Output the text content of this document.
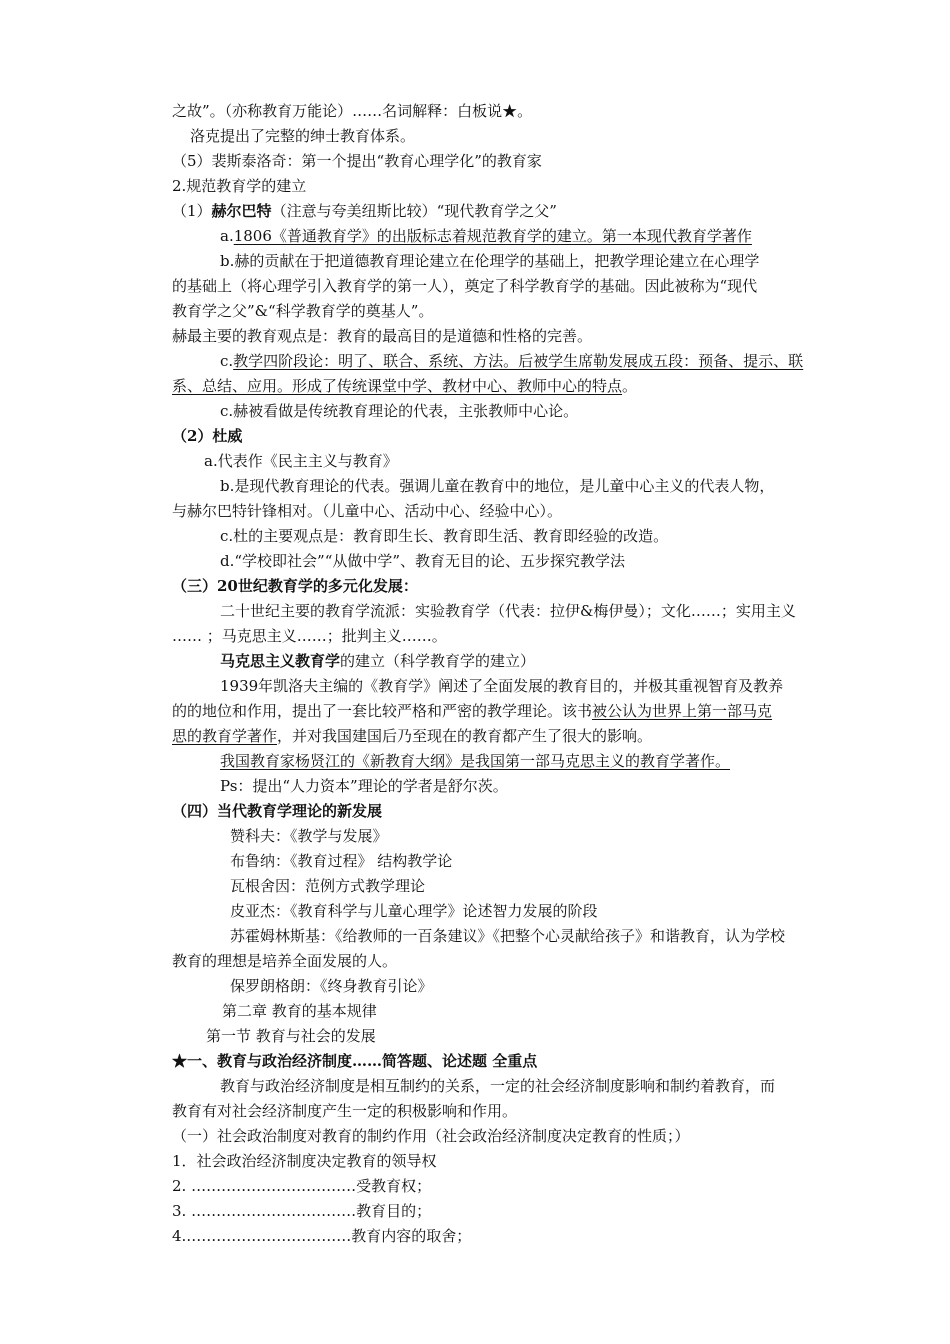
之故”。（亦称教育万能论）……名词解释：白板说★。
洛克提出了完整的绅士教育体系。
（5）裴斯泰洛奇：第一个提出“教育心理学化”的教育家
2.规范教育学的建立
（1）赫尔巴特（注意与夸美纽斯比较）“现代教育学之父”
a.1806《普通教育学》的出版标志着规范教育学的建立。第一本现代教育学著作
b.赫的贡献在于把道德教育理论建立在伦理学的基础上，把教学理论建立在心理学
的基础上（将心理学引入教育学的第一人），奠定了科学教育学的基础。因此被称为“现代
教育学之父”&“科学教育学的奠基人”。
赫最主要的教育观点是：教育的最高目的是道德和性格的完善。
c.教学四阶段论：明了、联合、系统、方法。后被学生席勒发展成五段：预备、提示、联
系、总结、应用。形成了传统课堂中学、教材中心、教师中心的特点。
c.赫被看做是传统教育理论的代表，主张教师中心论。
（2）杜威
a.代表作《民主主义与教育》
b.是现代教育理论的代表。强调儿童在教育中的地位，是儿童中心主义的代表人物，
与赫尔巴特针锋相对。（儿童中心、活动中心、经验中心）。
c.杜的主要观点是：教育即生长、教育即生活、教育即经验的改造。
d.“学校即社会”“从做中学”、教育无目的论、五步探究教学法
（三）20世纪教育学的多元化发展：
二十世纪主要的教育学流派：实验教育学（代表：拉伊&梅伊曼）；文化……；实用主义
…… ；马克思主义……；批判主义……。
马克思主义教育学的建立（科学教育学的建立）
1939年凯洛夫主编的《教育学》阐述了全面发展的教育目的，并极其重视智育及教养
的的地位和作用，提出了一套比较严格和严密的教学理论。该书被公认为世界上第一部马克
思的教育学著作，并对我国建国后乃至现在的教育都产生了很大的影响。
我国教育家杨贤江的《新教育大纲》是我国第一部马克思主义的教育学著作。
Ps：提出“人力资本”理论的学者是舒尔茨。
（四）当代教育学理论的新发展
赞科夫：《教学与发展》
布鲁纳：《教育过程》 结构教学论
瓦根舍因：范例方式教学理论
皮亚杰：《教育科学与儿童心理学》论述智力发展的阶段
苏霍姆林斯基：《给教师的一百条建议》《把整个心灵献给孩子》和谐教育，认为学校
教育的理想是培养全面发展的人。
保罗朗格朗：《终身教育引论》
第二章 教育的基本规律
第一节 教育与社会的发展
★一、教育与政治经济制度……简答题、论述题 全重点
教育与政治经济制度是相互制约的关系，一定的社会经济制度影响和制约着教育，而
教育有对社会经济制度产生一定的积极影响和作用。
（一）社会政治制度对教育的制约作用（社会政治经济制度决定教育的性质；）
1．社会政治经济制度决定教育的领导权
2. ……………………………受教育权；
3. ……………………………教育目的；
4.……………………………教育内容的取舍；
